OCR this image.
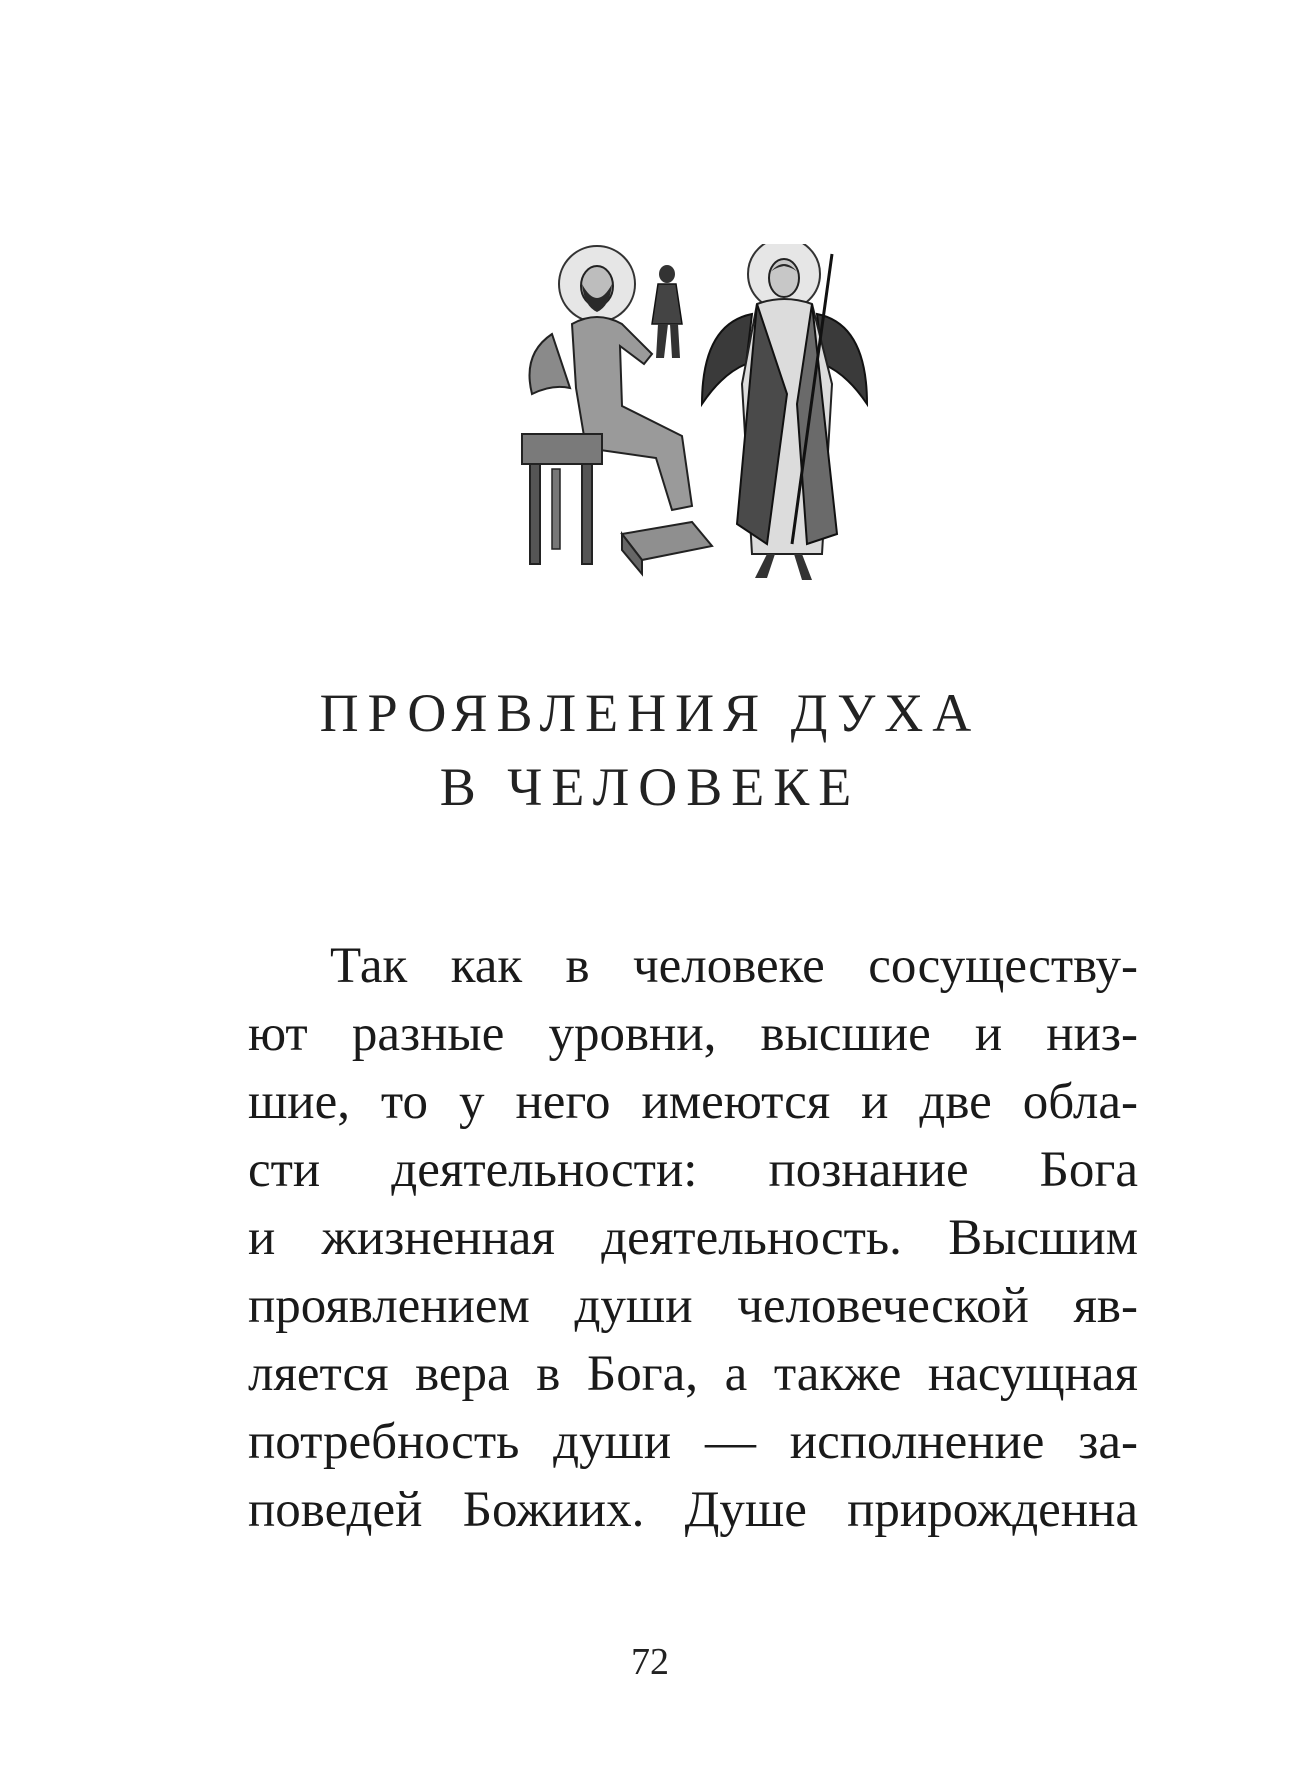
ПРОЯВЛЕНИЯ ДУХА
В ЧЕЛОВЕКЕ
Так как в человеке сосуществу-
ют разные уровни, высшие и низ-
шие, то у него имеются и две обла-
сти деятельности: познание Бога
и жизненная деятельность. Высшим
проявлением души человеческой яв-
ляется вера в Бога, а также насущная
потребность души — исполнение за-
поведей Божиих. Душе прирожденна
72
